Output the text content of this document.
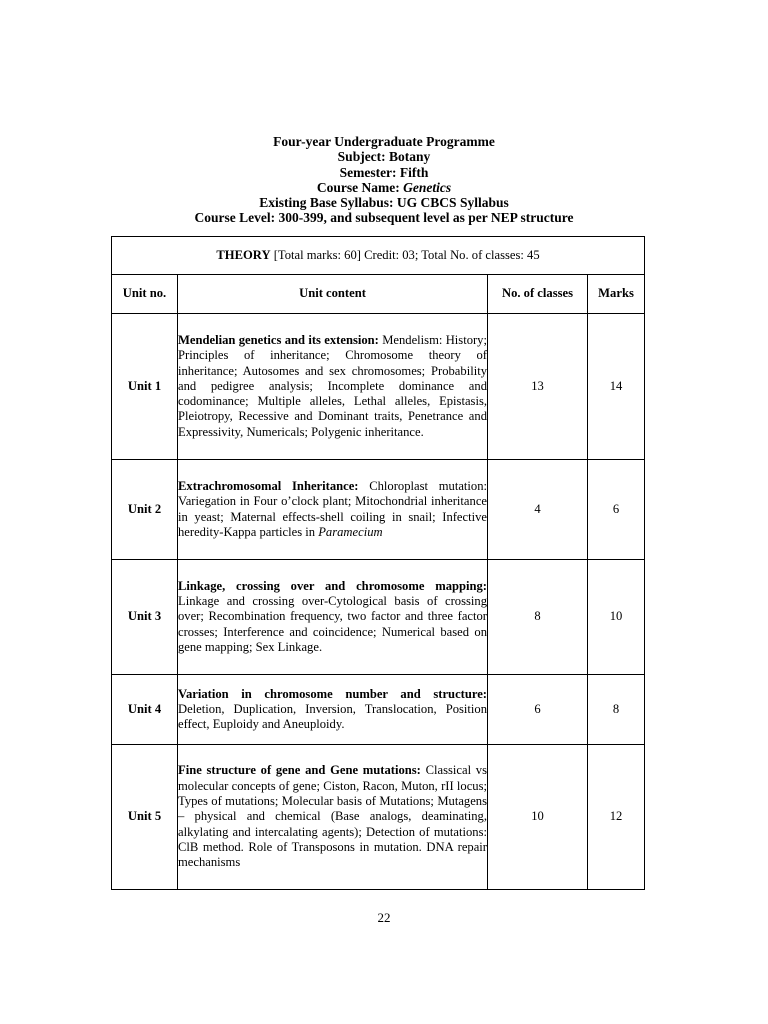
Four-year Undergraduate Programme
Subject: Botany
Semester: Fifth
Course Name: Genetics
Existing Base Syllabus: UG CBCS Syllabus
Course Level: 300-399, and subsequent level as per NEP structure
THEORY [Total marks: 60] Credit: 03; Total No. of classes: 45			
Unit no.	Unit content	No. of classes	Marks
Unit 1	Mendelian genetics and its extension: Mendelism: History; Principles of inheritance; Chromosome theory of inheritance; Autosomes and sex chromosomes; Probability and pedigree analysis; Incomplete dominance and codominance; Multiple alleles, Lethal alleles, Epistasis, Pleiotropy, Recessive and Dominant traits, Penetrance and Expressivity, Numericals; Polygenic inheritance.	13	14
Unit 2	Extrachromosomal Inheritance: Chloroplast mutation: Variegation in Four o’clock plant; Mitochondrial inheritance in yeast; Maternal effects-shell coiling in snail; Infective heredity-Kappa particles in Paramecium	4	6
Unit 3	Linkage, crossing over and chromosome mapping: Linkage and crossing over-Cytological basis of crossing over; Recombination frequency, two factor and three factor crosses; Interference and coincidence; Numerical based on gene mapping; Sex Linkage.	8	10
Unit 4	Variation in chromosome number and structure: Deletion, Duplication, Inversion, Translocation, Position effect, Euploidy and Aneuploidy.	6	8
Unit 5	Fine structure of gene and Gene mutations: Classical vs molecular concepts of gene; Ciston, Racon, Muton, rII locus; Types of mutations; Molecular basis of Mutations; Mutagens – physical and chemical (Base analogs, deaminating, alkylating and intercalating agents); Detection of mutations: ClB method. Role of Transposons in mutation. DNA repair mechanisms	10	12
22
